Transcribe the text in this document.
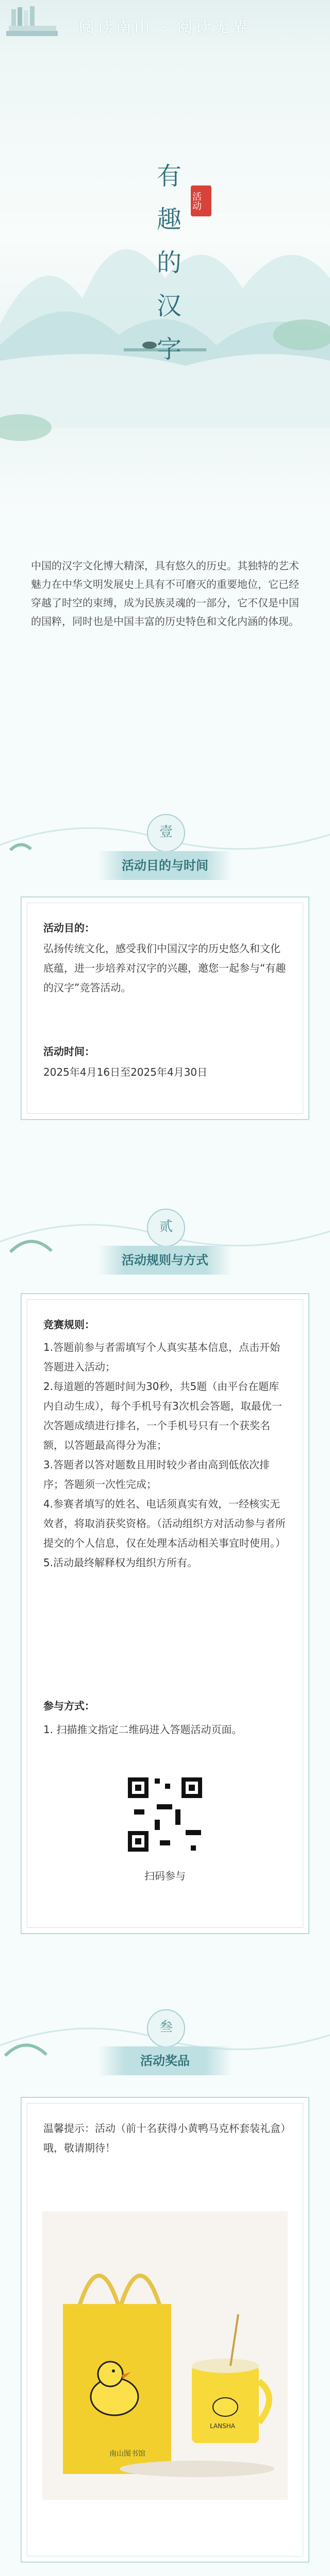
阅读南山 · 阅读无界
有
趣
的
汉
字
活动
中国的汉字文化博大精深，具有悠久的历史。其独特的艺术魅力在中华文明发展史上具有不可磨灭的重要地位，它已经穿越了时空的束缚，成为民族灵魂的一部分，它不仅是中国的国粹，同时也是中国丰富的历史特色和文化内涵的体现。
壹
活动目的与时间
活动目的：
弘扬传统文化，感受我们中国汉字的历史悠久和文化底蕴，进一步培养对汉字的兴趣，邀您一起参与“有趣的汉字”竞答活动。
活动时间：
2025年4月16日至2025年4月30日
贰
活动规则与方式
竞赛规则：
1.答题前参与者需填写个人真实基本信息，点击开始答题进入活动；
2.每道题的答题时间为30秒，共5题（由平台在题库内自动生成），每个手机号有3次机会答题，取最优一次答题成绩进行排名，一个手机号只有一个获奖名额，以答题最高得分为准；
3.答题者以答对题数且用时较少者由高到低依次排序；答题须一次性完成；
4.参赛者填写的姓名、电话须真实有效，一经核实无效者，将取消获奖资格。（活动组织方对活动参与者所提交的个人信息，仅在处理本活动相关事宜时使用。）
5.活动最终解释权为组织方所有。
参与方式：
1. 扫描推文指定二维码进入答题活动页面。
扫码参与
叁
活动奖品
温馨提示：活动（前十名获得小黄鸭马克杯套装礼盒）哦，敬请期待！
南山图书馆
LANSHA
